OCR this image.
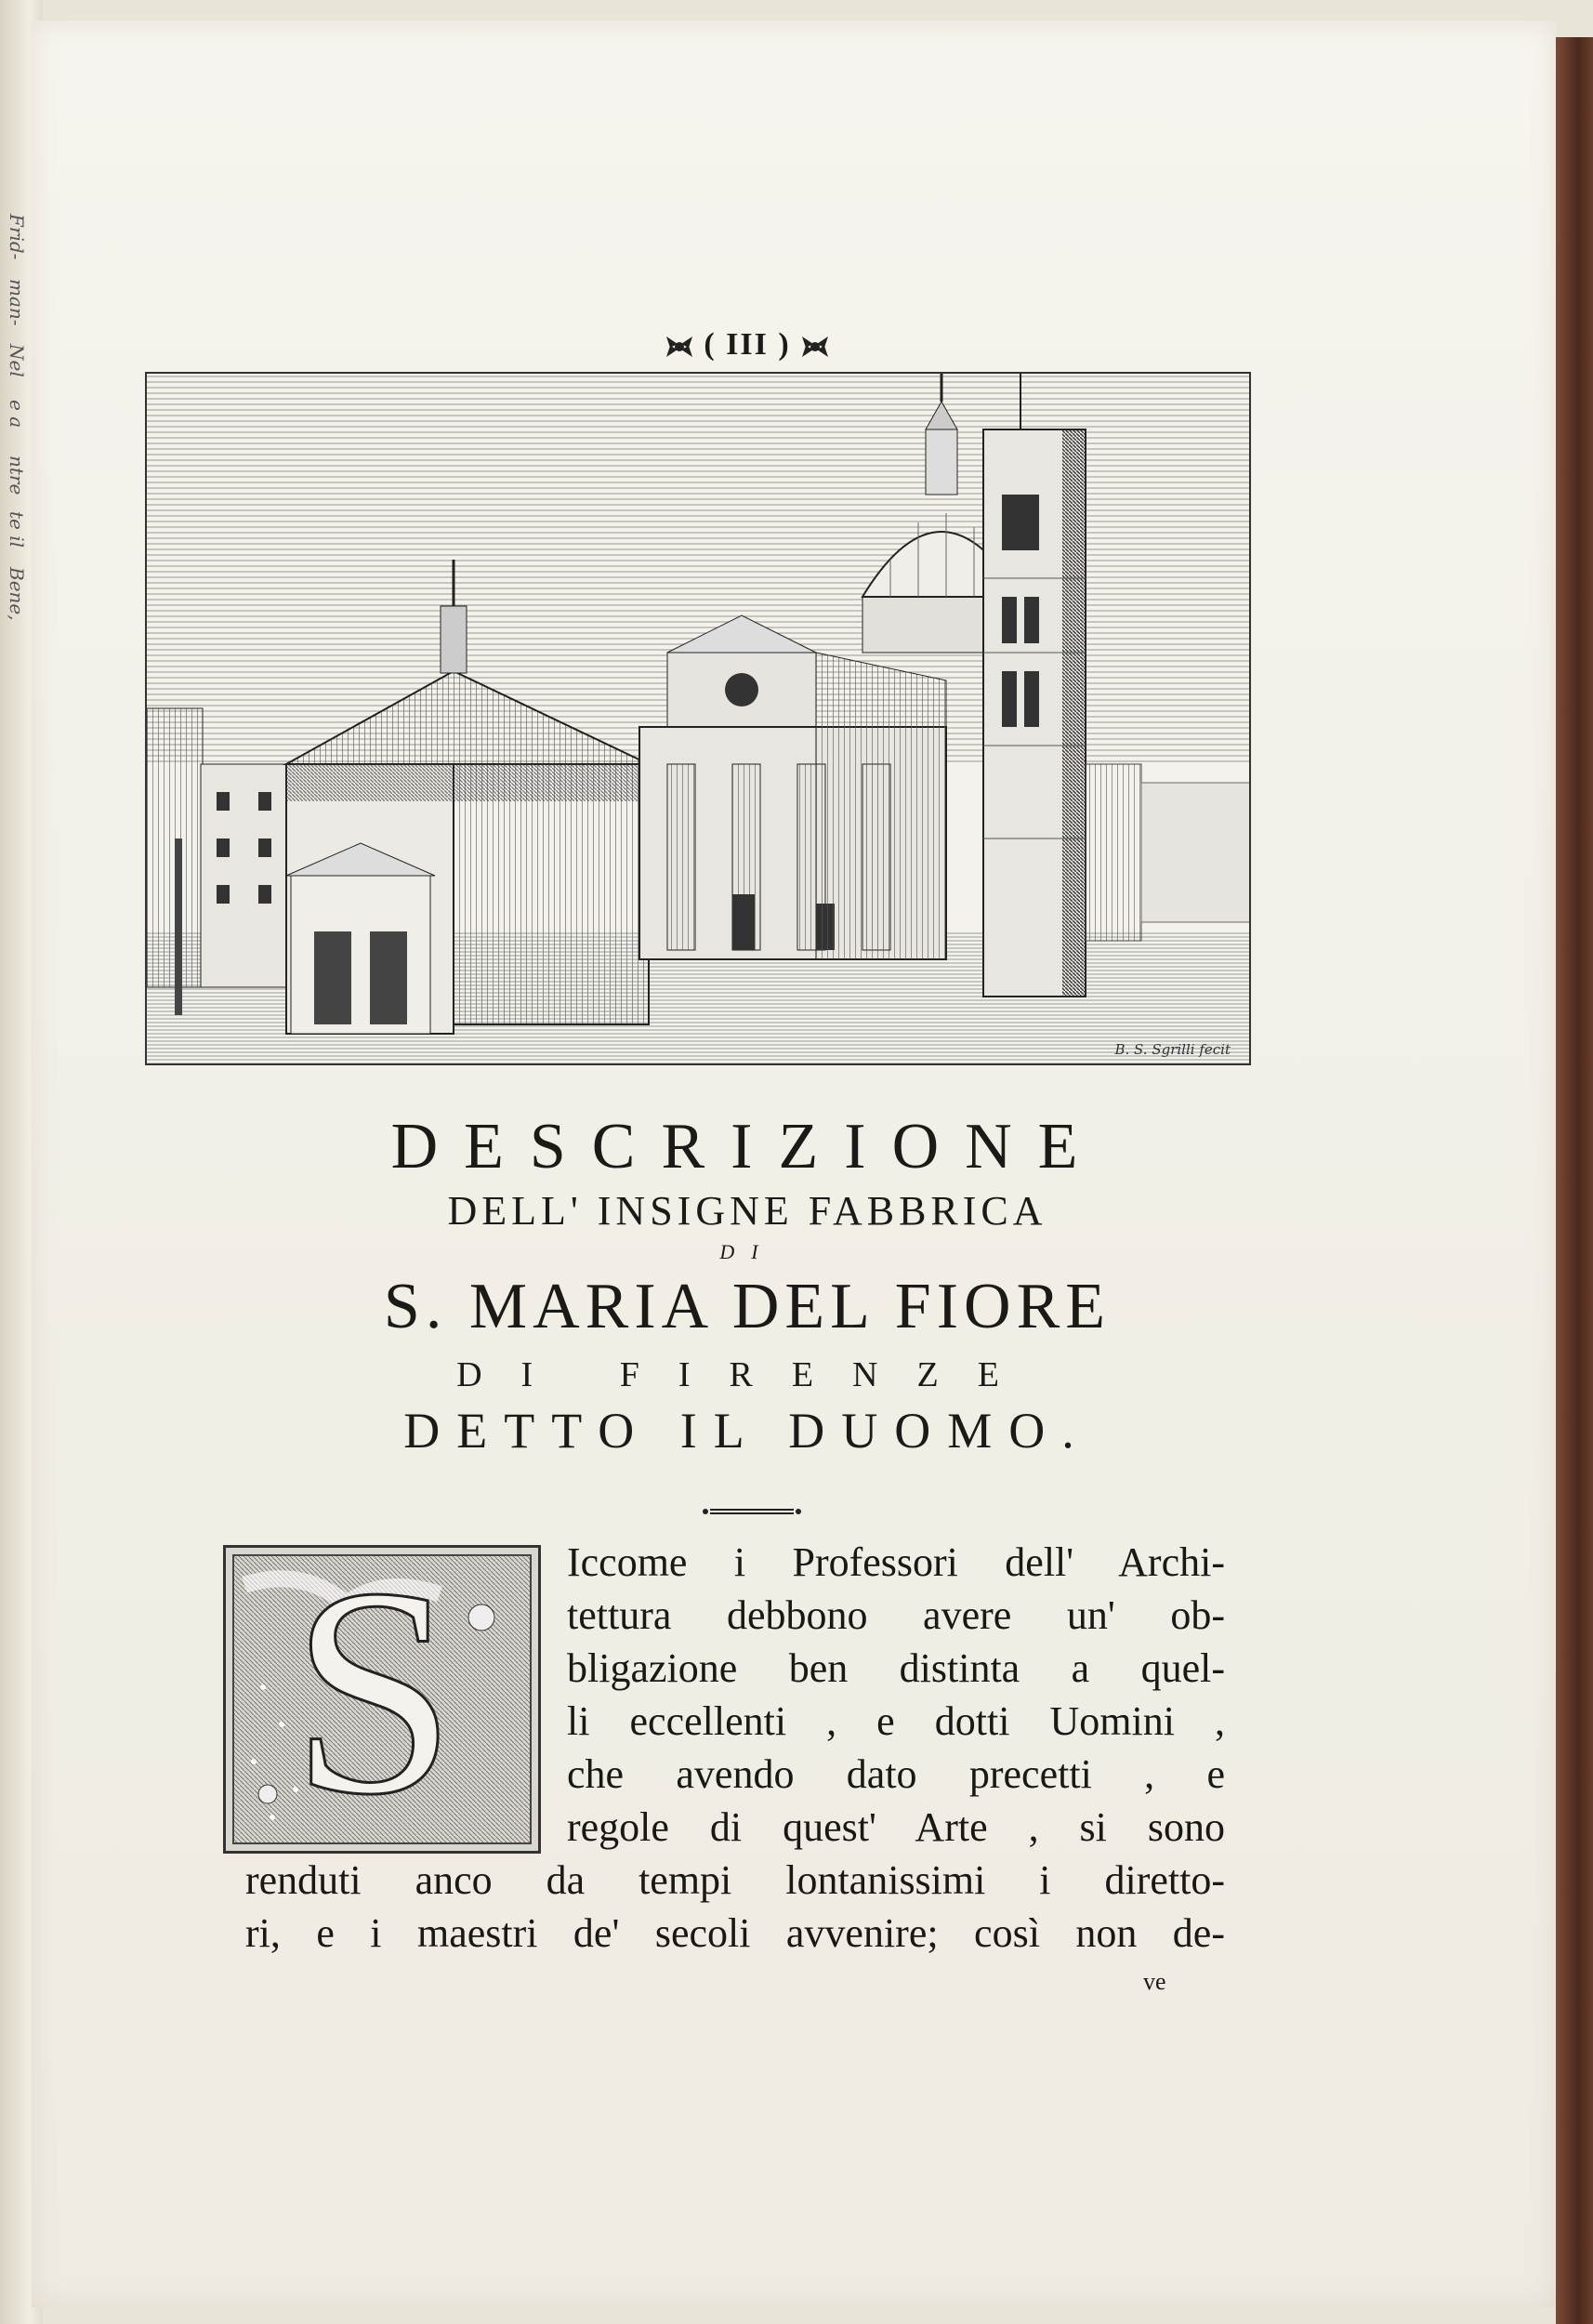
Frid-
man-
Nel
e a
ntre
te il
Bene,
( III )
B. S. Sgrilli fecit
DESCRIZIONE
DELL' INSIGNE FABBRICA
DI
S. MARIA DEL FIORE
DI FIRENZE
DETTO IL DUOMO.
S	Iccome i Professori dell' Archi-
tettura debbono avere un' ob-
bligazione ben distinta a quel-
li eccellenti , e dotti Uomini ,
che avendo dato precetti , e
regole di quest' Arte , si sono
renduti anco da tempi lontanissimi i diretto-
ri, e i maestri de' secoli avvenire; così non de-
ve
